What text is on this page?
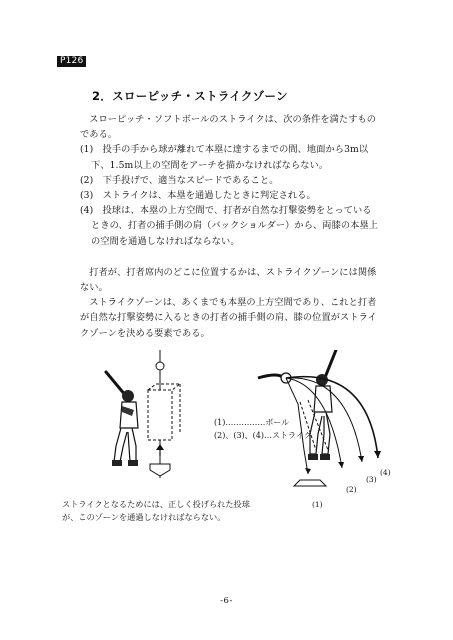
P126
2．スローピッチ・ストライクゾーン

スローピッチ・ソフトボールのストライクは、次の条件を満たすものである。

(1)　投手の手から球が離れて本塁に達するまでの間、地面から3m以下、1.5m以上の空間をアーチを描かなければならない。

(2)　下手投げで、適当なスピードであること。

(3)　ストライクは、本塁を通過したときに判定される。

(4)　投球は、本塁の上方空間で、打者が自然な打撃姿勢をとっているときの、打者の捕手側の肩（バックショルダー）から、両膝の本塁上の空間を通過しなければならない。

打者が、打者席内のどこに位置するかは、ストライクゾーンには関係ない。

ストライクゾーンは、あくまでも本塁の上方空間であり、これと打者が自然な打撃姿勢に入るときの打者の捕手側の肩、膝の位置がストライクゾーンを決める要素である。

(1)
(2)
(3)
(4)
(1)……………ボール
(2)、(3)、(4)…ストライク
ストライクとなるためには、正しく投げられた投球が、このゾーンを通過しなければならない。
-6-
